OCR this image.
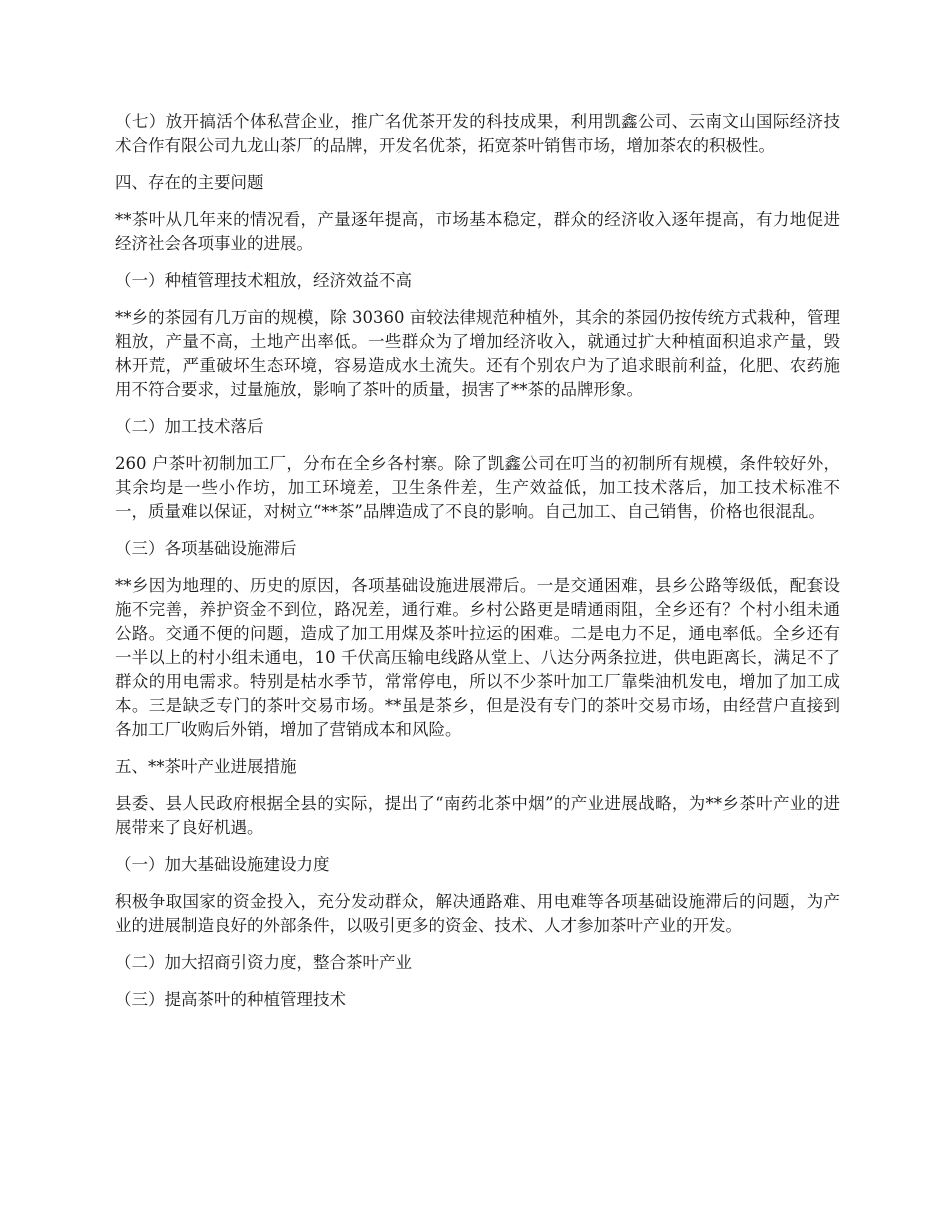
（七）放开搞活个体私营企业，推广名优茶开发的科技成果，利用凯鑫公司、云南文山国际经济技术合作有限公司九龙山茶厂的品牌，开发名优茶，拓宽茶叶销售市场，增加茶农的积极性。

四、存在的主要问题

**茶叶从几年来的情况看，产量逐年提高，市场基本稳定，群众的经济收入逐年提高，有力地促进经济社会各项事业的进展。

（一）种植管理技术粗放，经济效益不高

**乡的茶园有几万亩的规模，除 30360 亩较法律规范种植外，其余的茶园仍按传统方式栽种，管理粗放，产量不高，土地产出率低。一些群众为了增加经济收入，就通过扩大种植面积追求产量，毁林开荒，严重破坏生态环境，容易造成水土流失。还有个别农户为了追求眼前利益，化肥、农药施用不符合要求，过量施放，影响了茶叶的质量，损害了**茶的品牌形象。

（二）加工技术落后

260 户茶叶初制加工厂，分布在全乡各村寨。除了凯鑫公司在叮当的初制所有规模，条件较好外，其余均是一些小作坊，加工环境差，卫生条件差，生产效益低，加工技术落后，加工技术标准不一，质量难以保证，对树立“**茶”品牌造成了不良的影响。自己加工、自己销售，价格也很混乱。

（三）各项基础设施滞后

**乡因为地理的、历史的原因，各项基础设施进展滞后。一是交通困难，县乡公路等级低，配套设施不完善，养护资金不到位，路况差，通行难。乡村公路更是晴通雨阻，全乡还有？个村小组未通公路。交通不便的问题，造成了加工用煤及茶叶拉运的困难。二是电力不足，通电率低。全乡还有一半以上的村小组未通电，10 千伏高压输电线路从堂上、八达分两条拉进，供电距离长，满足不了群众的用电需求。特别是枯水季节，常常停电，所以不少茶叶加工厂靠柴油机发电，增加了加工成本。三是缺乏专门的茶叶交易市场。**虽是茶乡，但是没有专门的茶叶交易市场，由经营户直接到各加工厂收购后外销，增加了营销成本和风险。

五、**茶叶产业进展措施

县委、县人民政府根据全县的实际，提出了“南药北茶中烟”的产业进展战略，为**乡茶叶产业的进展带来了良好机遇。

（一）加大基础设施建设力度

积极争取国家的资金投入，充分发动群众，解决通路难、用电难等各项基础设施滞后的问题，为产业的进展制造良好的外部条件，以吸引更多的资金、技术、人才参加茶叶产业的开发。

（二）加大招商引资力度，整合茶叶产业

（三）提高茶叶的种植管理技术
